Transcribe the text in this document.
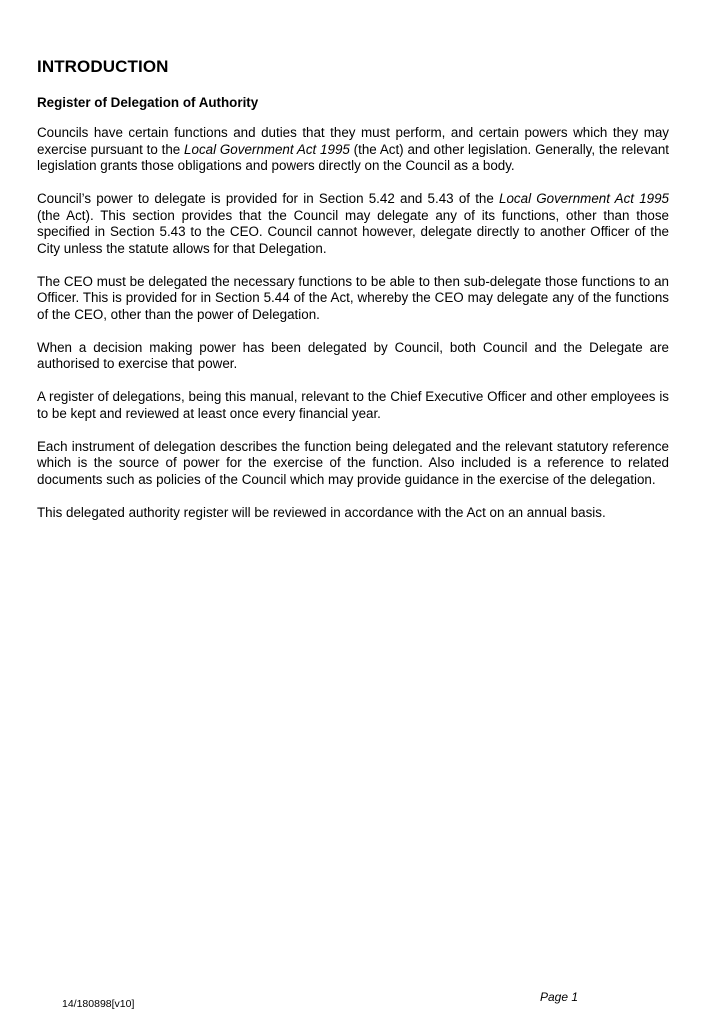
INTRODUCTION
Register of Delegation of Authority

Councils have certain functions and duties that they must perform, and certain powers which they may exercise pursuant to the Local Government Act 1995 (the Act) and other legislation. Generally, the relevant legislation grants those obligations and powers directly on the Council as a body.

Council’s power to delegate is provided for in Section 5.42 and 5.43 of the Local Government Act 1995 (the Act). This section provides that the Council may delegate any of its functions, other than those specified in Section 5.43 to the CEO. Council cannot however, delegate directly to another Officer of the City unless the statute allows for that Delegation.

The CEO must be delegated the necessary functions to be able to then sub-delegate those functions to an Officer. This is provided for in Section 5.44 of the Act, whereby the CEO may delegate any of the functions of the CEO, other than the power of Delegation.

When a decision making power has been delegated by Council, both Council and the Delegate are authorised to exercise that power.

A register of delegations, being this manual, relevant to the Chief Executive Officer and other employees is to be kept and reviewed at least once every financial year.

Each instrument of delegation describes the function being delegated and the relevant statutory reference which is the source of power for the exercise of the function. Also included is a reference to related documents such as policies of the Council which may provide guidance in the exercise of the delegation.

This delegated authority register will be reviewed in accordance with the Act on an annual basis.

14/180898[v10]	Page 1
